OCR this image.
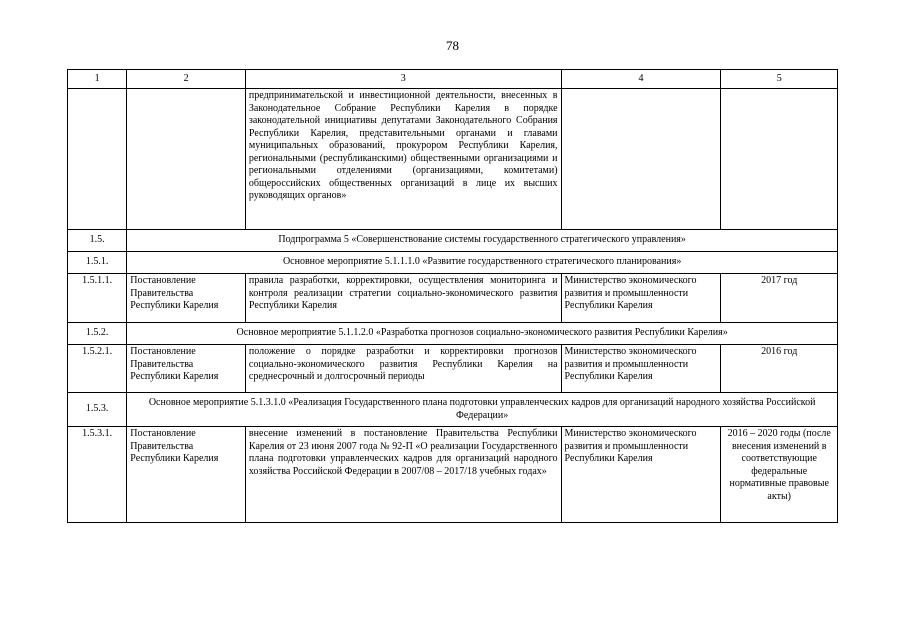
78
1	2	3	4	5
		предпринимательской и инвестиционной деятельности, внесенных в Законодательное Собрание Республики Карелия в порядке законодательной инициативы депутатами Законодательного Собрания Республики Карелия, представительными органами и главами муниципальных образований, прокурором Республики Карелия, региональными (республиканскими) общественными организациями и региональными отделениями (организациями, комитетами) общероссийских общественных организаций в лице их высших руководящих органов»		
1.5.	Подпрограмма 5 «Совершенствование системы государственного стратегического управления»			
1.5.1.	Основное мероприятие 5.1.1.1.0 «Развитие государственного стратегического планирования»			
1.5.1.1.	Постановление Правительства Республики Карелия	правила разработки, корректировки, осуществления мониторинга и контроля реализации стратегии социально-экономического развития Республики Карелия	Министерство экономического развития и промышленности Республики Карелия	2017 год
1.5.2.	Основное мероприятие 5.1.1.2.0 «Разработка прогнозов социально-экономического развития Республики Карелия»			
1.5.2.1.	Постановление Правительства Республики Карелия	положение о порядке разработки и корректировки прогнозов социально-экономического развития Республики Карелия на среднесрочный и долгосрочный периоды	Министерство экономического развития и промышленности Республики Карелия	2016 год
1.5.3.	Основное мероприятие 5.1.3.1.0 «Реализация Государственного плана подготовки управленческих кадров для организаций народного хозяйства Российской Федерации»			
1.5.3.1.	Постановление Правительства Республики Карелия	внесение изменений в постановление Правительства Республики Карелия от 23 июня 2007 года № 92-П «О реализации Государственного плана подготовки управленческих кадров для организаций народного хозяйства Российской Федерации в 2007/08 – 2017/18 учебных годах»	Министерство экономического развития и промышленности Республики Карелия	2016 – 2020 годы (после внесения изменений в соответствующие федеральные нормативные правовые акты)
